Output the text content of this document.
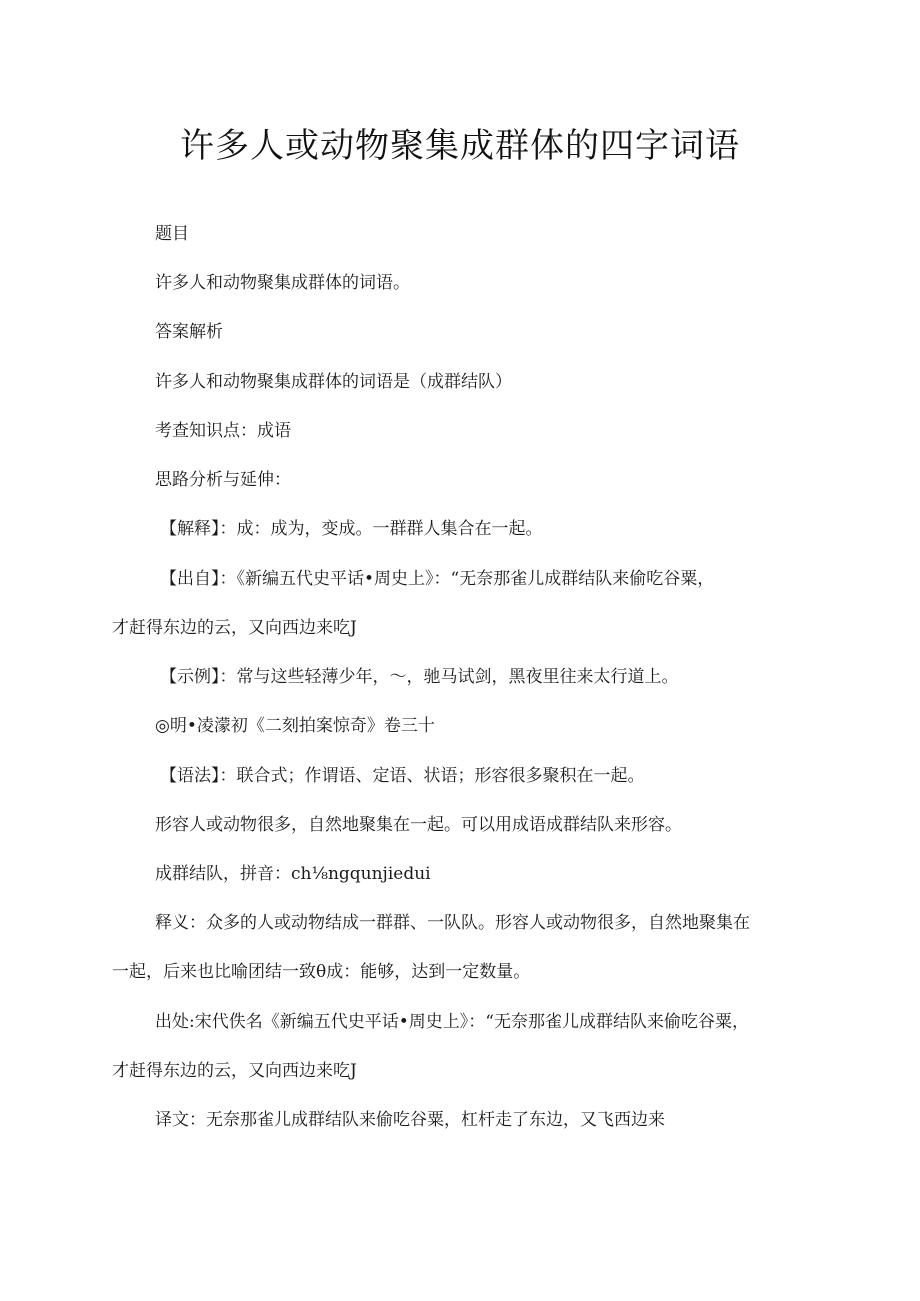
许多人或动物聚集成群体的四字词语
题目
许多人和动物聚集成群体的词语。
答案解析
许多人和动物聚集成群体的词语是（成群结队）
考查知识点：成语
思路分析与延伸：
【解释】：成：成为，变成。一群群人集合在一起。
【出自】：《新编五代史平话•周史上》：“无奈那雀儿成群结队来偷吃谷粟，
才赶得东边的云，又向西边来吃J
【示例】：常与这些轻薄少年，～，驰马试剑，黑夜里往来太行道上。
◎明•凌濛初《二刻拍案惊奇》卷三十
【语法】：联合式；作谓语、定语、状语；形容很多聚积在一起。
形容人或动物很多，自然地聚集在一起。可以用成语成群结队来形容。
成群结队，拼音：ch⅛ngqunjiedui
释义：众多的人或动物结成一群群、一队队。形容人或动物很多，自然地聚集在
一起，后来也比喻团结一致θ成：能够，达到一定数量。
出处:宋代佚名《新编五代史平话•周史上》：“无奈那雀儿成群结队来偷吃谷粟，
才赶得东边的云，又向西边来吃J
译文：无奈那雀儿成群结队来偷吃谷粟，杠杆走了东边，又飞西边来
